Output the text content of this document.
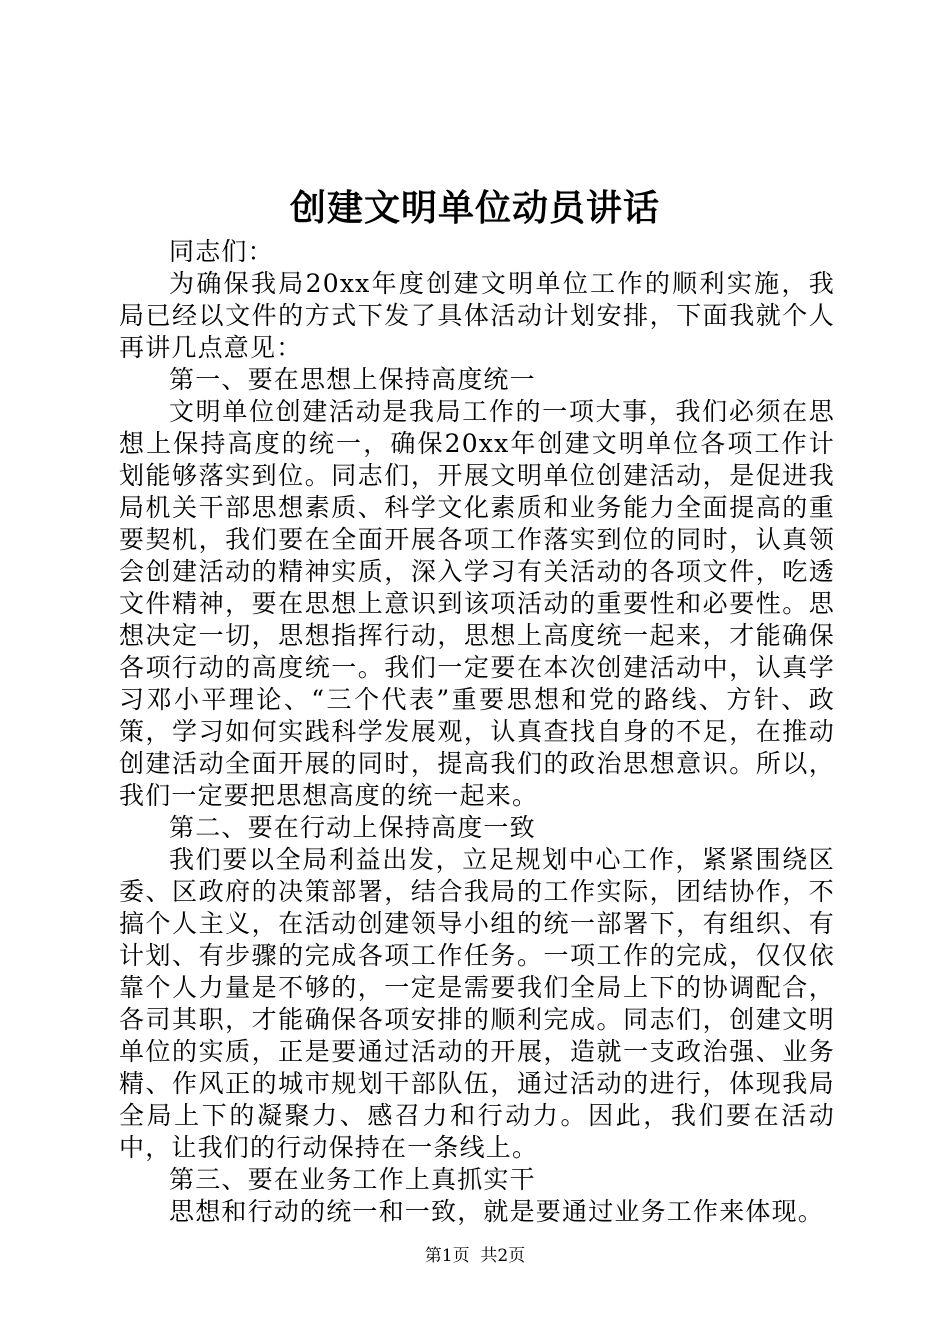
创建文明单位动员讲话

同志们：

为确保我局20xx年度创建文明单位工作的顺利实施，我局已经以文件的方式下发了具体活动计划安排，下面我就个人再讲几点意见：

第一、要在思想上保持高度统一

文明单位创建活动是我局工作的一项大事，我们必须在思想上保持高度的统一，确保20xx年创建文明单位各项工作计划能够落实到位。同志们，开展文明单位创建活动，是促进我局机关干部思想素质、科学文化素质和业务能力全面提高的重要契机，我们要在全面开展各项工作落实到位的同时，认真领会创建活动的精神实质，深入学习有关活动的各项文件，吃透文件精神，要在思想上意识到该项活动的重要性和必要性。思想决定一切，思想指挥行动，思想上高度统一起来，才能确保各项行动的高度统一。我们一定要在本次创建活动中，认真学习邓小平理论、“三个代表”重要思想和党的路线、方针、政策，学习如何实践科学发展观，认真查找自身的不足，在推动创建活动全面开展的同时，提高我们的政治思想意识。所以，我们一定要把思想高度的统一起来。

第二、要在行动上保持高度一致

我们要以全局利益出发，立足规划中心工作，紧紧围绕区委、区政府的决策部署，结合我局的工作实际，团结协作，不搞个人主义，在活动创建领导小组的统一部署下，有组织、有计划、有步骤的完成各项工作任务。一项工作的完成，仅仅依靠个人力量是不够的，一定是需要我们全局上下的协调配合，各司其职，才能确保各项安排的顺利完成。同志们，创建文明单位的实质，正是要通过活动的开展，造就一支政治强、业务精、作风正的城市规划干部队伍，通过活动的进行，体现我局全局上下的凝聚力、感召力和行动力。因此，我们要在活动中，让我们的行动保持在一条线上。

第三、要在业务工作上真抓实干

思想和行动的统一和一致，就是要通过业务工作来体现。

第1页  共2页
